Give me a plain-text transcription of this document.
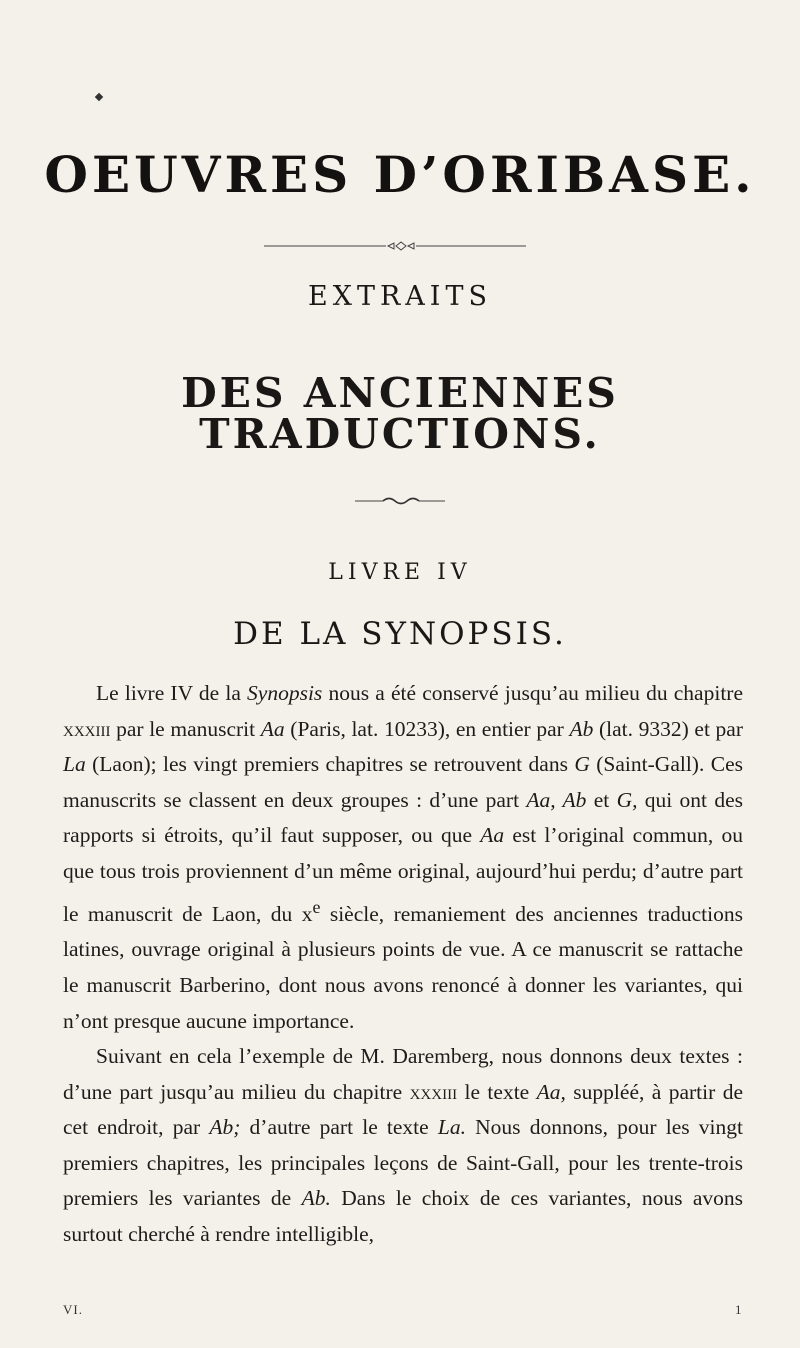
OEUVRES D’ORIBASE.
EXTRAITS
DES ANCIENNES TRADUCTIONS.
LIVRE IV
DE LA SYNOPSIS.

Le livre IV de la Synopsis nous a été conservé jusqu’au milieu du chapitre xxxiii par le manuscrit Aa (Paris, lat. 10233), en entier par Ab (lat. 9332) et par La (Laon); les vingt premiers chapitres se retrouvent dans G (Saint-Gall). Ces manuscrits se classent en deux groupes : d’une part Aa, Ab et G, qui ont des rapports si étroits, qu’il faut supposer, ou que Aa est l’original commun, ou que tous trois proviennent d’un même original, aujourd’hui perdu; d’autre part le manuscrit de Laon, du $x^e$ siècle, remaniement des anciennes traductions latines, ouvrage original à plusieurs points de vue. A ce manuscrit se rattache le manuscrit Barberino, dont nous avons renoncé à donner les variantes, qui n’ont presque aucune importance.

Suivant en cela l’exemple de M. Daremberg, nous donnons deux textes : d’une part jusqu’au milieu du chapitre xxxiii le texte Aa, suppléé, à partir de cet endroit, par Ab; d’autre part le texte La. Nous donnons, pour les vingt premiers chapitres, les principales leçons de Saint-Gall, pour les trente-trois premiers les variantes de Ab. Dans le choix de ces variantes, nous avons surtout cherché à rendre intelligible,

VI.	1
